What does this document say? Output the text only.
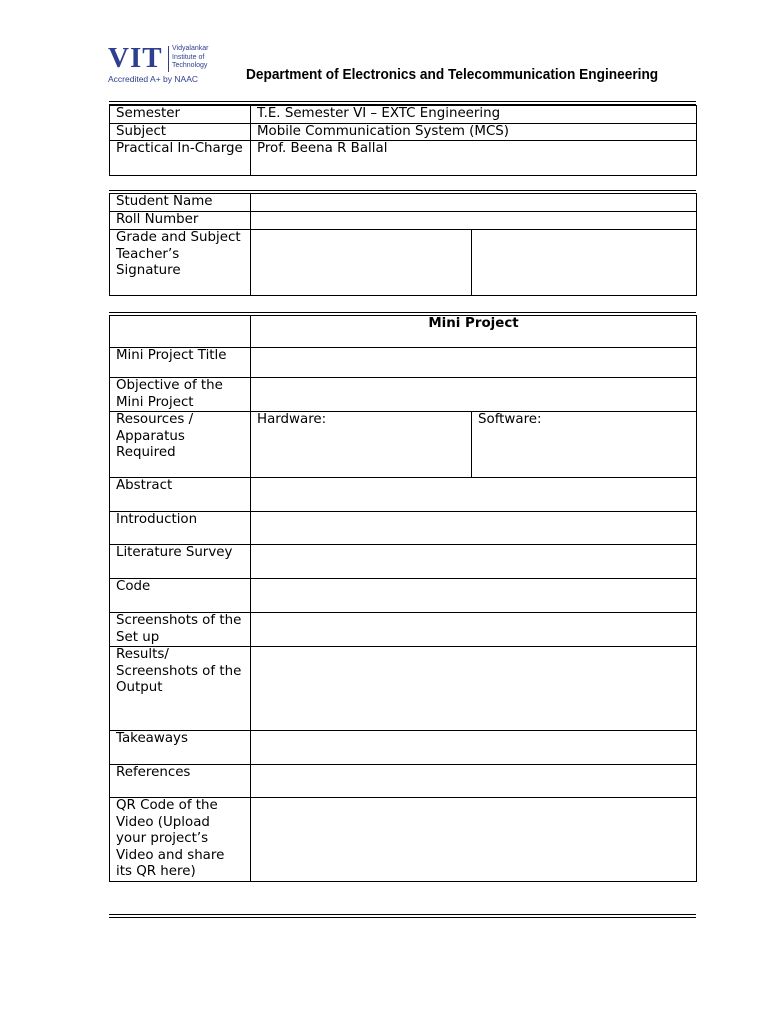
VIT Vidyalankar
Institute of
Technology
Accredited A+ by NAAC	Department of Electronics and Telecommunication Engineering
Semester	T.E. Semester VI – EXTC Engineering
Subject	Mobile Communication System (MCS)
Practical In-Charge	Prof. Beena R Ballal
Student Name		
Roll Number		
Grade and Subject Teacher’s Signature		
	Mini Project	
Mini Project Title		
Objective of the Mini Project		
Resources / Apparatus Required	Hardware:	Software:
Abstract		
Introduction		
Literature Survey		
Code		
Screenshots of the Set up		
Results/ Screenshots of the Output		
Takeaways		
References		
QR Code of the Video (Upload your project’s Video and share its QR here)		
